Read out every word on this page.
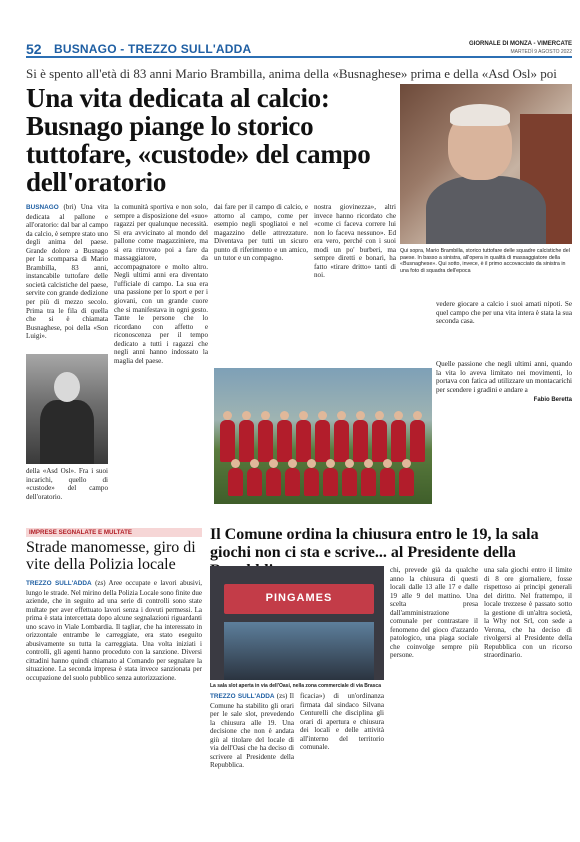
52 BUSNAGO - TREZZO SULL'ADDA	GIORNALE DI MONZA - VIMERCATE
MARTEDÌ 9 AGOSTO 2022
Si è spento all'età di 83 anni Mario Brambilla, anima della «Busnaghese» prima e della «Asd Osl» poi
Una vita dedicata al calcio: Busnago piange lo storico tuttofare, «custode» del campo dell'oratorio
Qui sopra, Mario Brambilla, storico tuttofare delle squadre calcistiche del paese. In basso a sinistra, all'opera in qualità di massaggiatore della «Busnaghese». Qui sotto, invece, è il primo accovacciato da sinistra in una foto di squadra dell'epoca
BUSNAGO (bri) Una vita dedicata al pallone e all'oratorio: dal bar al campo da calcio, è sempre stato uno degli anima del paese. Grande dolore a Busnago per la scomparsa di Mario Brambilla, 83 anni, instancabile tuttofare delle società calcistiche del paese, servite con grande dedizione per più di mezzo secolo. Prima tra le fila di quella che si è chiamata Busnaghese, poi della «Son Luigi».
della «Asd Osl». Fra i suoi incarichi, quello di «custode» del campo dell'oratorio.
la comunità sportiva e non solo, sempre a disposizione del «suo» ragazzi per qualunque necessità. Si era avvicinato al mondo del pallone come magazziniere, ma si era ritrovato poi a fare da massaggiatore, da accompagnatore e molto altro. Negli ultimi anni era diventato l'ufficiale di campo. La sua era una passione per lo sport e per i giovani, con un grande cuore che si manifestava in ogni gesto. Tante le persone che lo ricordano con affetto e riconoscenza per il tempo dedicato a tutti i ragazzi che negli anni hanno indossato la maglia del paese.
dai fare per il campo di calcio, e attorno al campo, come per esempio negli spogliatoi e nel magazzino delle attrezzature. Diventava per tutti un sicuro punto di riferimento e un amico, un tutor e un compagno.
nostra giovinezza», altri invece hanno ricordato che «come ci faceva correre lui non lo faceva nessuno». Ed era vero, perché con i suoi modi un po' burberi, ma sempre diretti e bonari, ha fatto «tirare dritto» tanti di noi.
vedere giocare a calcio i suoi amati nipoti. Se quel campo che per una vita intera è stata la sua seconda casa.
Quelle passione che negli ultimi anni, quando la vita lo aveva limitato nei movimenti, lo portava con fatica ad utilizzare un montacarichi per scendere i gradini e andare a
Fabio Beretta
IMPRESE SEGNALATE E MULTATE
Strade manomesse, giro di vite della Polizia locale
TREZZO SULL'ADDA (zs) Aree occupate e lavori abusivi, lungo le strade. Nel mirino della Polizia Locale sono finite due aziende, che in seguito ad una serie di controlli sono state multate per aver effettuato lavori senza i dovuti permessi. La prima è stata intercettata dopo alcune segnalazioni riguardanti uno scavo in Viale Lombardia. Il tagliar, che ha interessato in orizzontale entrambe le carreggiate, era stato eseguito abusivamente su tutta la carreggiata. Una volta iniziati i controlli, gli agenti hanno proceduto con la sanzione. Diversi cittadini hanno quindi chiamato al Comando per segnalare la situazione. La seconda impresa è stata invece sanzionata per occupazione del suolo pubblico senza autorizzazione.
Il Comune ordina la chiusura entro le 19, la sala giochi non ci sta e scrive... al Presidente della
PINGAMES
La sala slot aperta in via dell'Oasi, nella zona commerciale di via Brasca
TREZZO SULL'ADDA (zs) Il Comune ha stabilito gli orari per le sale slot, prevedendo la chiusura alle 19. Una decisione che non è andata giù al titolare del locale di via dell'Oasi che ha deciso di scrivere al Presidente della Repubblica.
ficacia») di un'ordinanza firmata dal sindaco Silvana Centurelli che disciplina gli orari di apertura e chiusura dei locali e delle attività all'interno del territorio comunale.
chi, prevede già da qualche anno la chiusura di questi locali dalle 13 alle 17 e dalle 19 alle 9 del mattino. Una scelta presa dall'amministrazione comunale per contrastare il fenomeno del gioco d'azzardo patologico, una piaga sociale che coinvolge sempre più persone.
una sala giochi entro il limite di 8 ore giornaliere, fosse rispettoso ai principi generali del diritto. Nel frattempo, il locale trezzese è passato sotto la gestione di un'altra società, la Why not Srl, con sede a Verona, che ha deciso di rivolgersi al Presidente della Repubblica con un ricorso straordinario.
